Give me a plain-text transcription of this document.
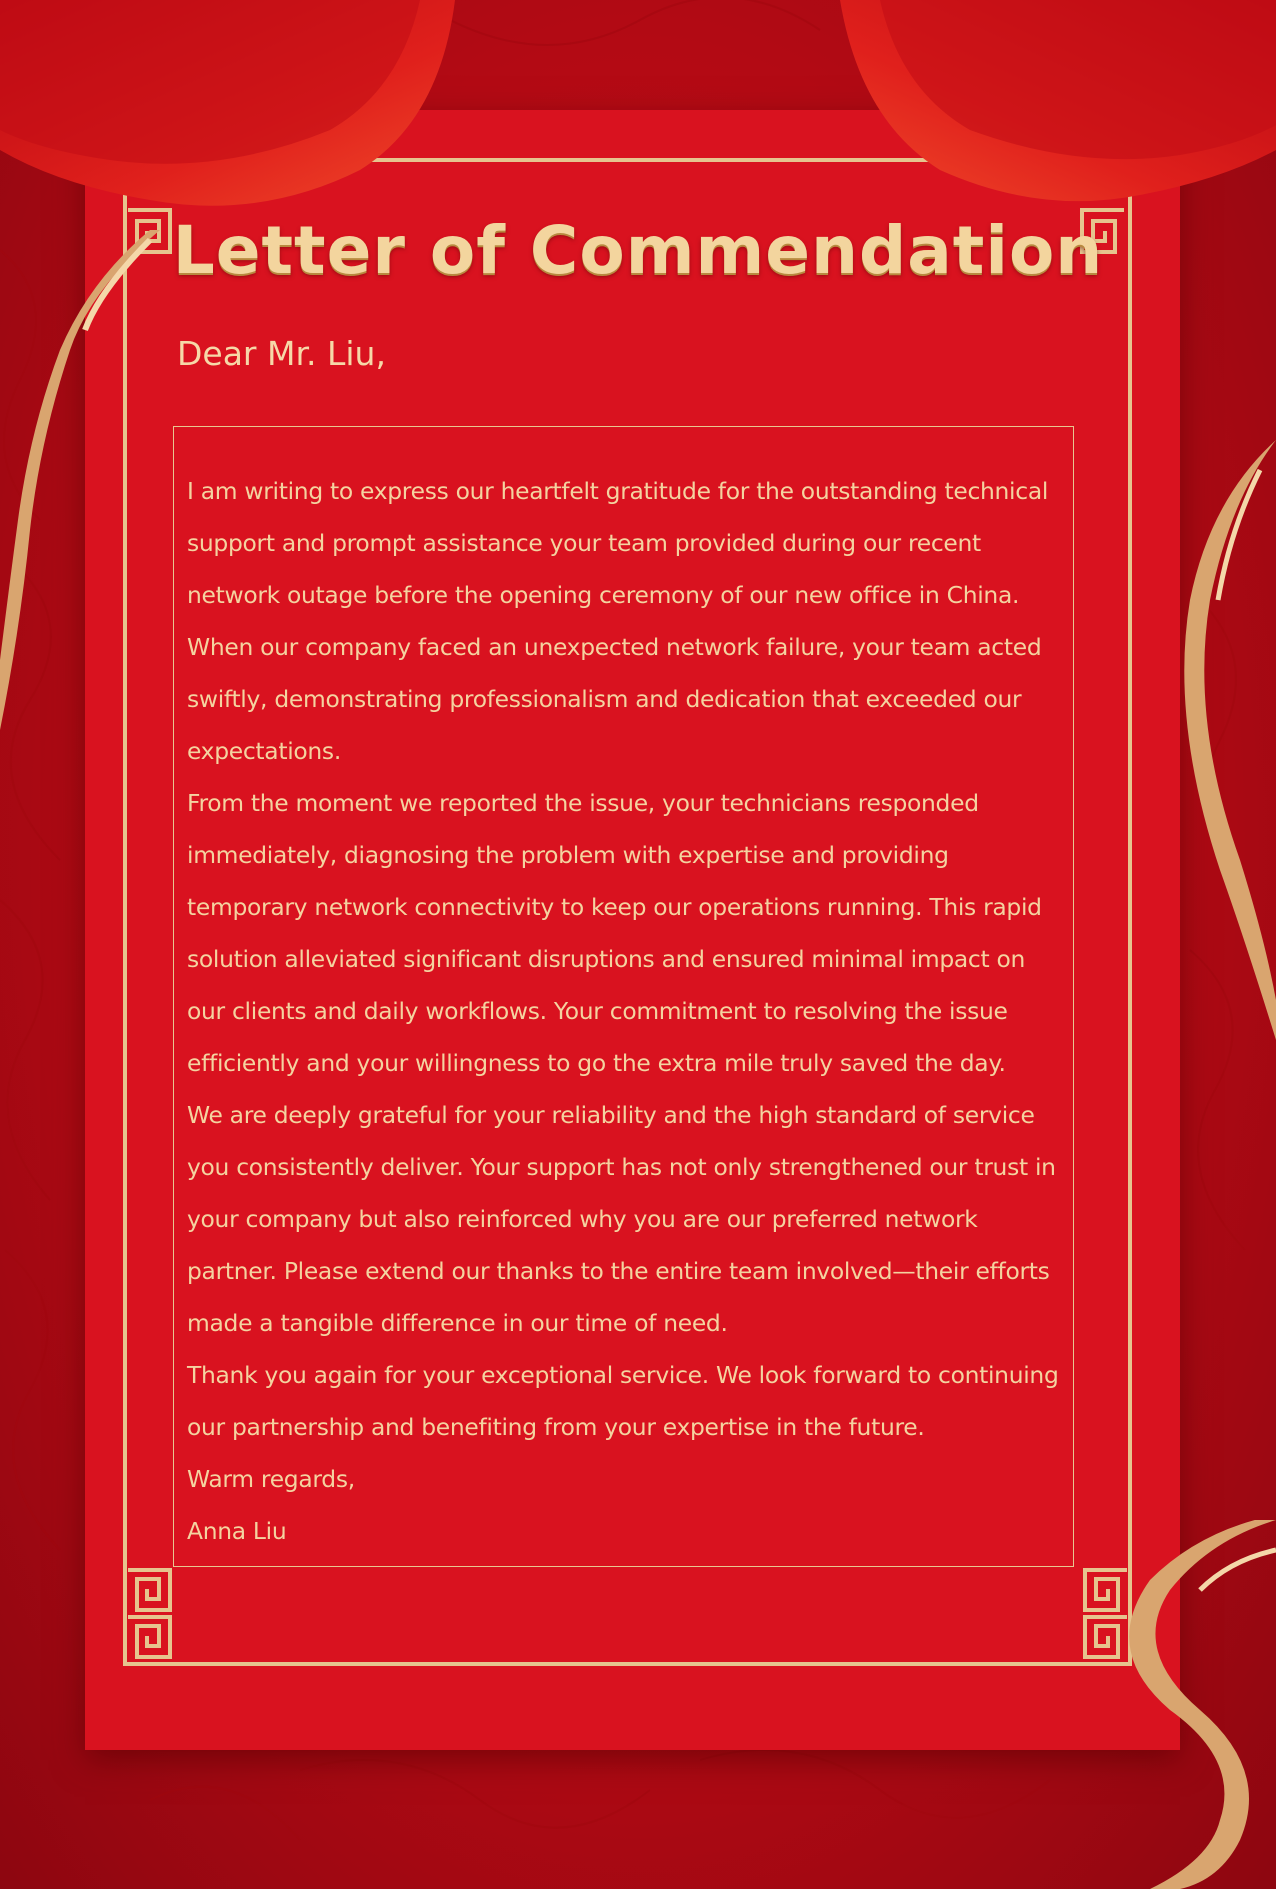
Letter of Commendation
Dear Mr. Liu,

I am writing to express our heartfelt gratitude for the outstanding technical support and prompt assistance your team provided during our recent network outage before the opening ceremony of our new office in China. When our company faced an unexpected network failure, your team acted swiftly, demonstrating professionalism and dedication that exceeded our expectations.

From the moment we reported the issue, your technicians responded immediately, diagnosing the problem with expertise and providing temporary network connectivity to keep our operations running. This rapid solution alleviated significant disruptions and ensured minimal impact on our clients and daily workflows. Your commitment to resolving the issue efficiently and your willingness to go the extra mile truly saved the day.

We are deeply grateful for your reliability and the high standard of service you consistently deliver. Your support has not only strengthened our trust in your company but also reinforced why you are our preferred network partner. Please extend our thanks to the entire team involved—their efforts made a tangible difference in our time of need.

Thank you again for your exceptional service. We look forward to continuing our partnership and benefiting from your expertise in the future.

Warm regards,

Anna Liu
